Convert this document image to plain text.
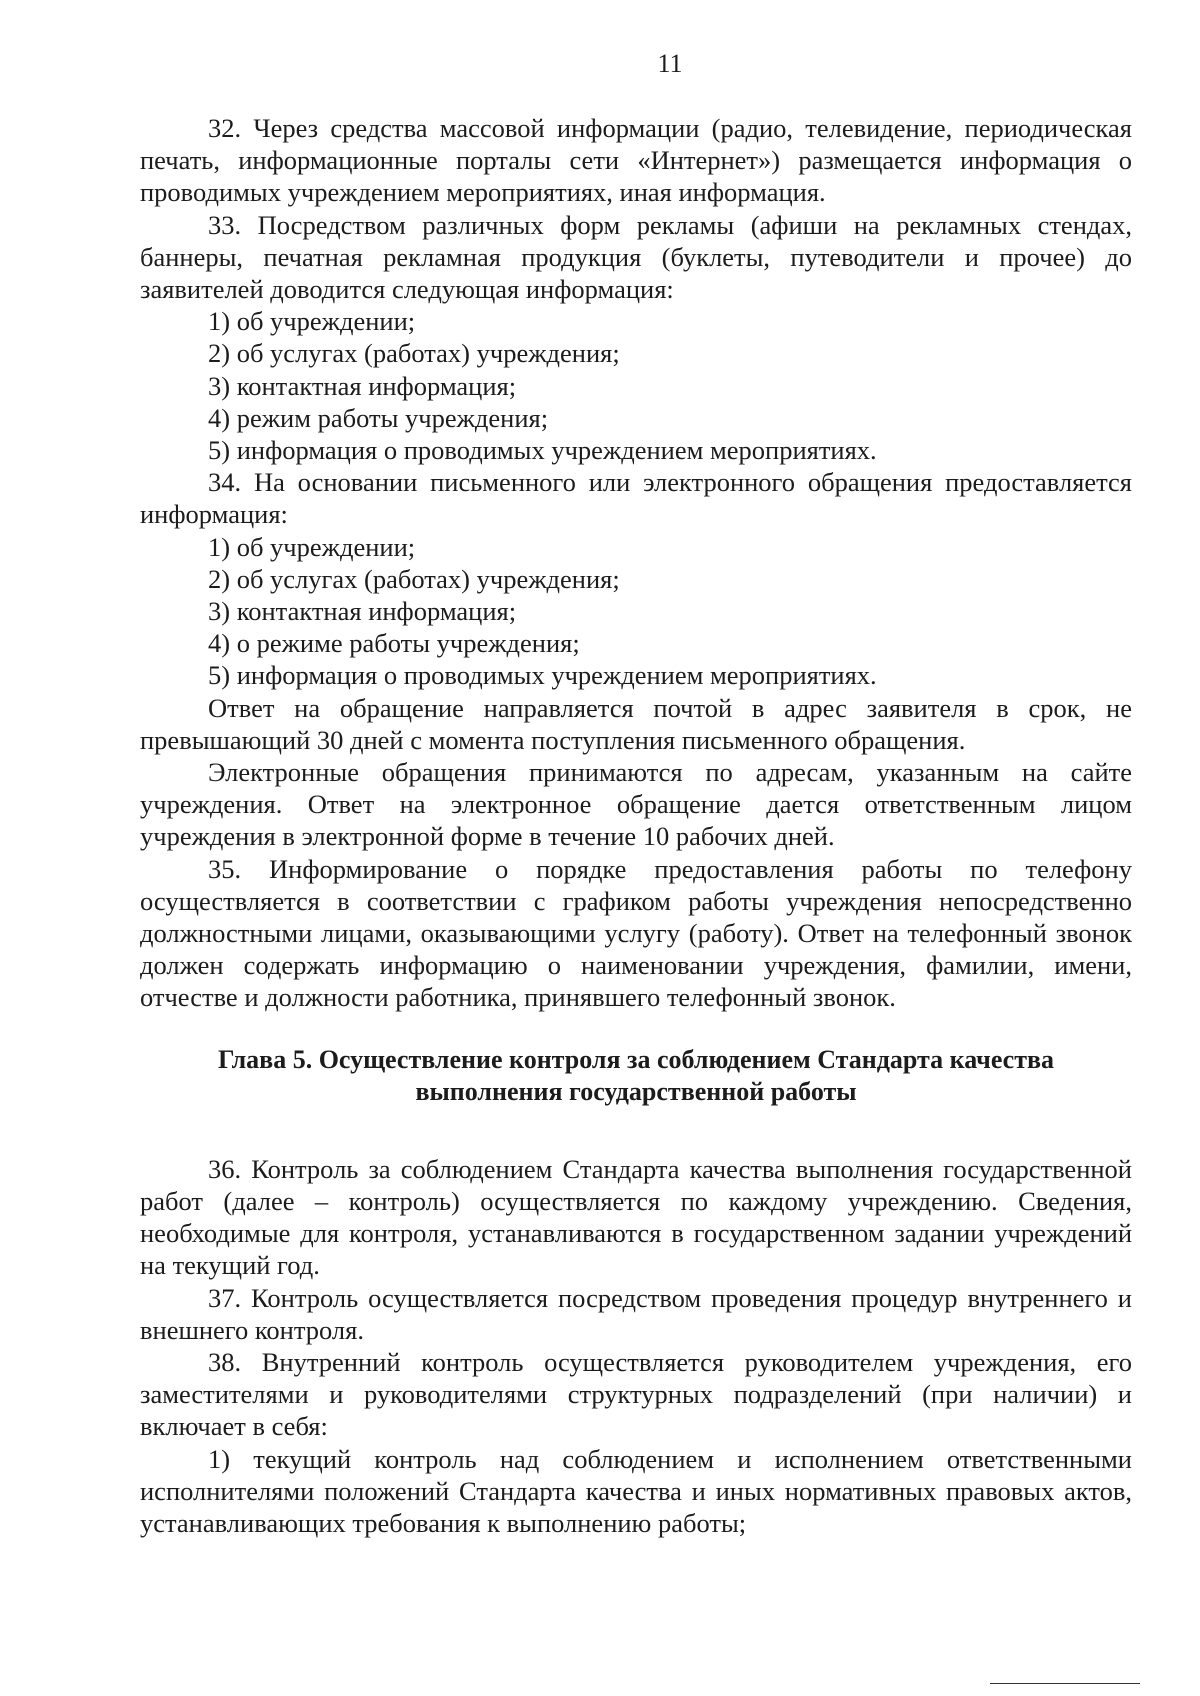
11

32. Через средства массовой информации (радио, телевидение, периодическая печать, информационные порталы сети «Интернет») размещается информация о проводимых учреждением мероприятиях, иная информация.

33. Посредством различных форм рекламы (афиши на рекламных стендах, баннеры, печатная рекламная продукция (буклеты, путеводители и прочее) до заявителей доводится следующая информация:

1) об учреждении;

2) об услугах (работах) учреждения;

3) контактная информация;

4) режим работы учреждения;

5) информация о проводимых учреждением мероприятиях.

34. На основании письменного или электронного обращения предоставляется информация:

1) об учреждении;

2) об услугах (работах) учреждения;

3) контактная информация;

4) о режиме работы учреждения;

5) информация о проводимых учреждением мероприятиях.

Ответ на обращение направляется почтой в адрес заявителя в срок, не превышающий 30 дней с момента поступления письменного обращения.

Электронные обращения принимаются по адресам, указанным на сайте учреждения. Ответ на электронное обращение дается ответственным лицом учреждения в электронной форме в течение 10 рабочих дней.

35. Информирование о порядке предоставления работы по телефону осуществляется в соответствии с графиком работы учреждения непосредственно должностными лицами, оказывающими услугу (работу). Ответ на телефонный звонок должен содержать информацию о наименовании учреждения, фамилии, имени, отчестве и должности работника, принявшего телефонный звонок.

Глава 5. Осуществление контроля за соблюдением Стандарта качества

выполнения государственной работы

36. Контроль за соблюдением Стандарта качества выполнения государственной работ (далее – контроль) осуществляется по каждому учреждению. Сведения, необходимые для контроля, устанавливаются в государственном задании учреждений на текущий год.

37. Контроль осуществляется посредством проведения процедур внутреннего и внешнего контроля.

38. Внутренний контроль осуществляется руководителем учреждения, его заместителями и руководителями структурных подразделений (при наличии) и включает в себя:

1) текущий контроль над соблюдением и исполнением ответственными исполнителями положений Стандарта качества и иных нормативных правовых актов, устанавливающих требования к выполнению работы;
